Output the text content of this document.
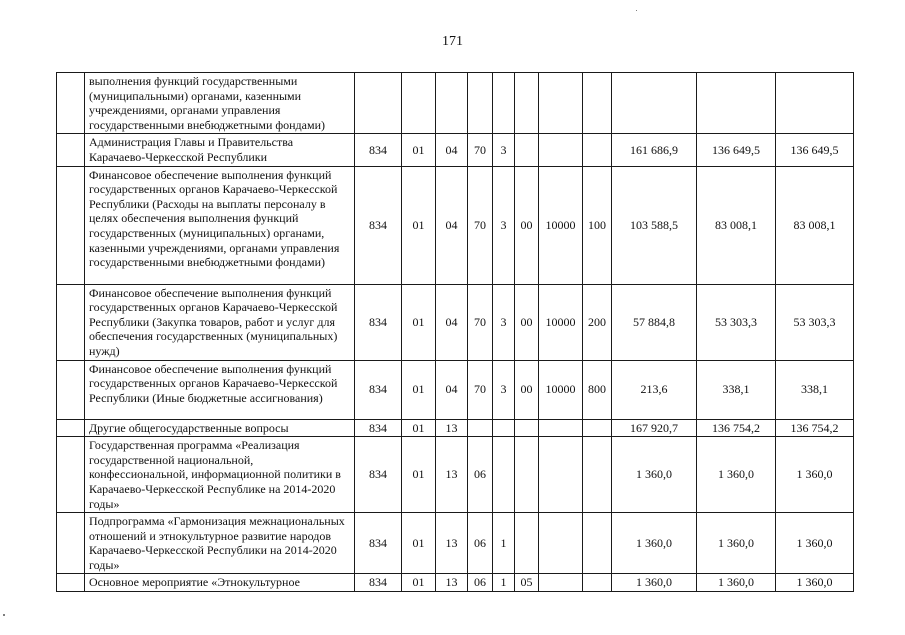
171
	выполнения функций государственными (муниципальными) органами, казенными учреждениями, органами управления государственными внебюджетными фондами)											
	Администрация Главы и Правительства Карачаево-Черкесской Республики	834	01	04	70	3				161 686,9	136 649,5	136 649,5
	Финансовое обеспечение выполнения функций государственных органов Карачаево-Черкесской Республики (Расходы на выплаты персоналу в целях обеспечения выполнения функций государственных (муниципальных) органами, казенными учреждениями, органами управления государственными внебюджетными фондами)	834	01	04	70	3	00	10000	100	103 588,5	83 008,1	83 008,1
	Финансовое обеспечение выполнения функций государственных органов Карачаево-Черкесской Республики (Закупка товаров, работ и услуг для обеспечения государственных (муниципальных) нужд)	834	01	04	70	3	00	10000	200	57 884,8	53 303,3	53 303,3
	Финансовое обеспечение выполнения функций государственных органов Карачаево-Черкесской Республики (Иные бюджетные ассигнования)	834	01	04	70	3	00	10000	800	213,6	338,1	338,1
	Другие общегосударственные вопросы	834	01	13						167 920,7	136 754,2	136 754,2
	Государственная программа «Реализация государственной национальной, конфессиональной, информационной политики в Карачаево-Черкесской Республике на 2014-2020 годы»	834	01	13	06					1 360,0	1 360,0	1 360,0
	Подпрограмма «Гармонизация межнациональных отношений и этнокультурное развитие народов Карачаево-Черкесской Республики на 2014-2020 годы»	834	01	13	06	1				1 360,0	1 360,0	1 360,0
	Основное мероприятие «Этнокультурное	834	01	13	06	1	05			1 360,0	1 360,0	1 360,0
